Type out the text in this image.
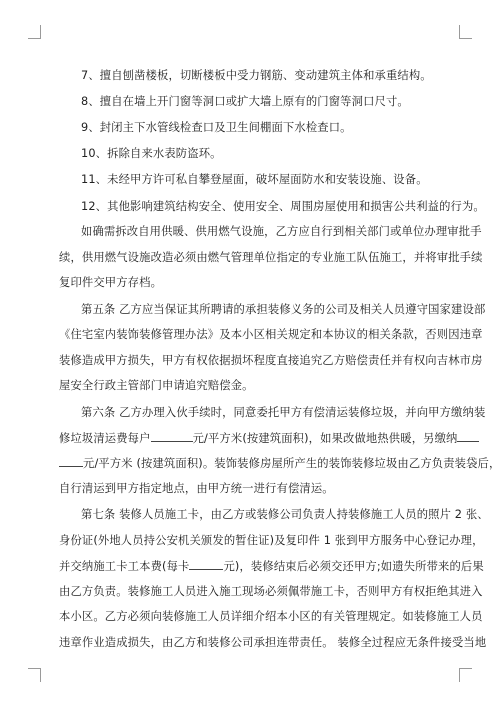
7、擅自刨凿楼板，切断楼板中受力钢筋、变动建筑主体和承重结构。
8、擅自在墙上开门窗等洞口或扩大墙上原有的门窗等洞口尺寸。
9、封闭主下水管线检查口及卫生间棚面下水检查口。
10、拆除自来水表防盗环。
11、未经甲方许可私自攀登屋面，破坏屋面防水和安装设施、设备。
12、其他影响建筑结构安全、使用安全、周围房屋使用和损害公共利益的行为。
如确需拆改自用供暖、供用燃气设施，乙方应自行到相关部门或单位办理审批手
续，供用燃气设施改造必须由燃气管理单位指定的专业施工队伍施工，并将审批手续
复印件交甲方存档。
第五条 乙方应当保证其所聘请的承担装修义务的公司及相关人员遵守国家建设部
《住宅室内装饰装修管理办法》及本小区相关规定和本协议的相关条款，否则因违章
装修造成甲方损失，甲方有权依据损坏程度直接追究乙方赔偿责任并有权向吉林市房
屋安全行政主管部门申请追究赔偿金。
第六条 乙方办理入伙手续时，同意委托甲方有偿清运装修垃圾，并向甲方缴纳装
修垃圾清运费每户	元/平方米(按建筑面积)，如果改做地热供暖，另缴纳
元/平方米 (按建筑面积)。装饰装修房屋所产生的装饰装修垃圾由乙方负责装袋后，
自行清运到甲方指定地点，由甲方统一进行有偿清运。
第七条 装修人员施工卡，由乙方或装修公司负责人持装修施工人员的照片 2 张、
身份证(外地人员持公安机关颁发的暂住证)及复印件 1 张到甲方服务中心登记办理，
并交纳施工卡工本费(每卡	元)，装修结束后必须交还甲方;如遗失所带来的后果
由乙方负责。装修施工人员进入施工现场必须佩带施工卡，否则甲方有权拒绝其进入
本小区。乙方必须向装修施工人员详细介绍本小区的有关管理规定。如装修施工人员
违章作业造成损失，由乙方和装修公司承担连带责任。 装修全过程应无条件接受当地
